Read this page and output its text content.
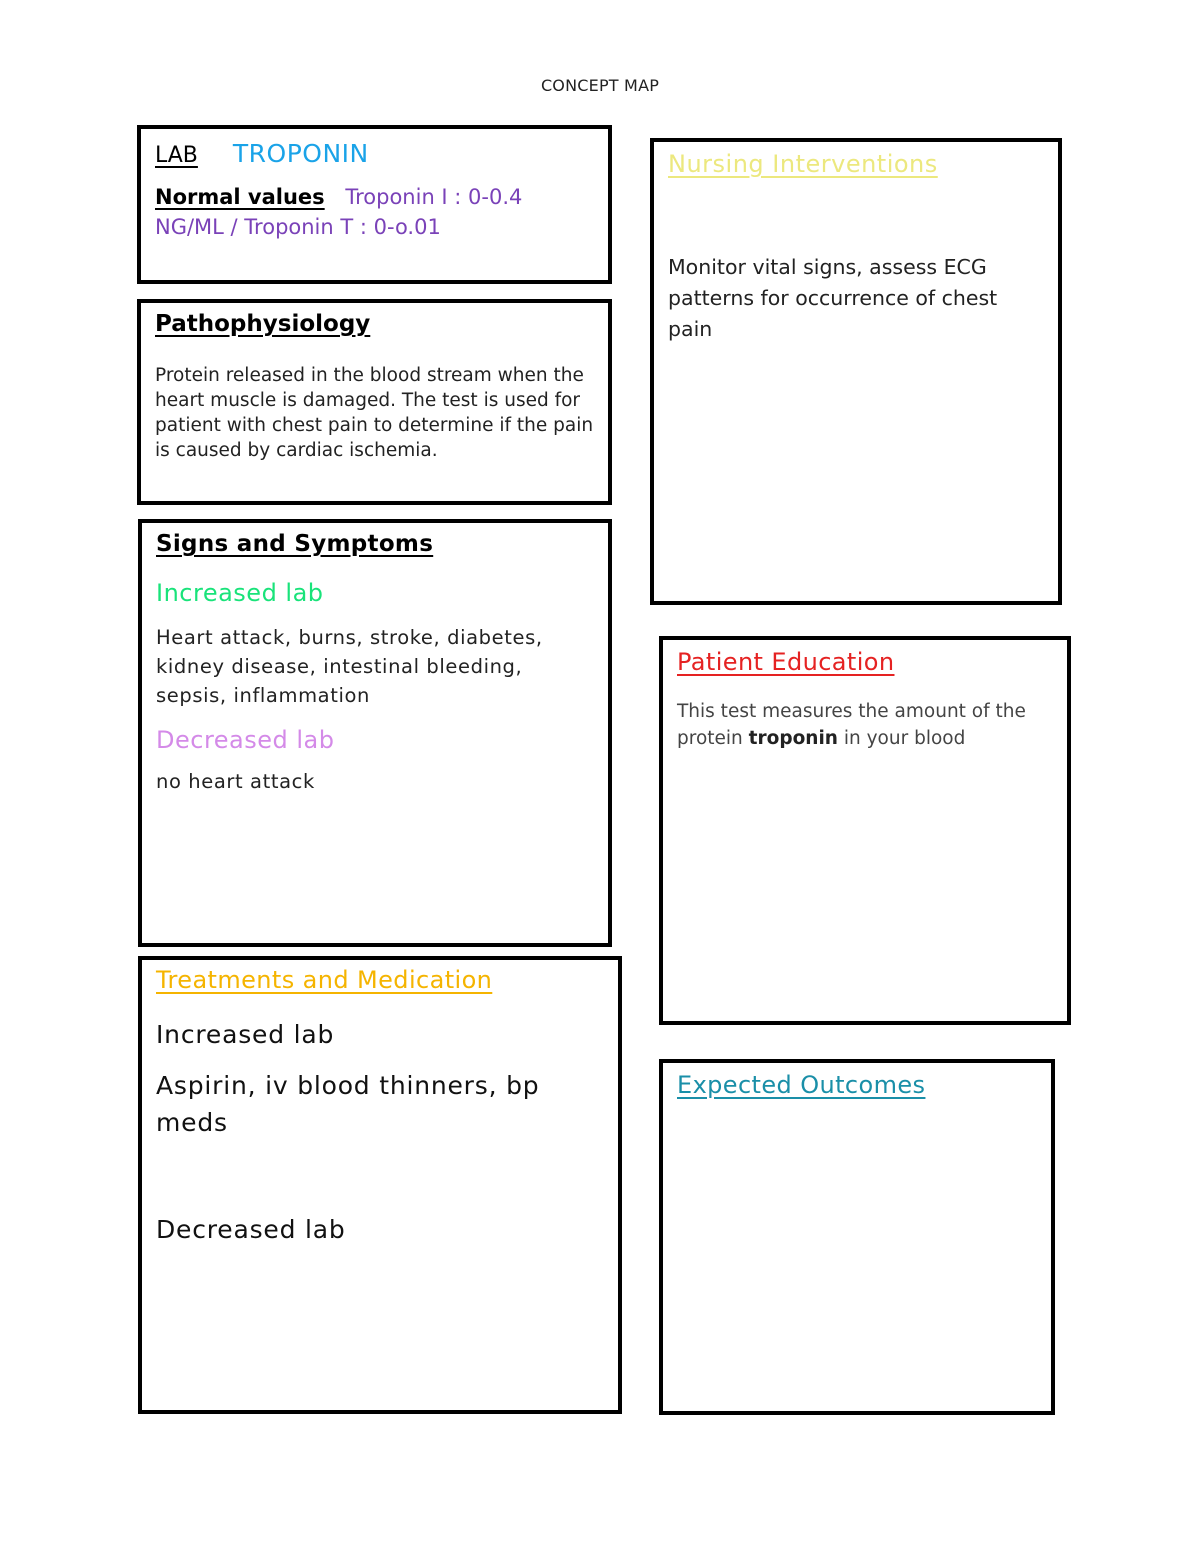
CONCEPT MAP
LAB TROPONIN
Normal values Troponin I : 0-0.4 NG/ML / Troponin T : 0-o.01
Pathophysiology
Protein released in the blood stream when the heart muscle is damaged. The test is used for patient with chest pain to determine if the pain is caused by cardiac ischemia.
Signs and Symptoms
Increased lab
Heart attack, burns, stroke, diabetes, kidney disease, intestinal bleeding, sepsis, inflammation
Decreased lab
no heart attack
Treatments and Medication
Increased lab
Aspirin, iv blood thinners, bp meds
Decreased lab
Nursing Interventions
Monitor vital signs, assess ECG patterns for occurrence of chest pain
Patient Education
This test measures the amount of the protein troponin in your blood
Expected Outcomes
